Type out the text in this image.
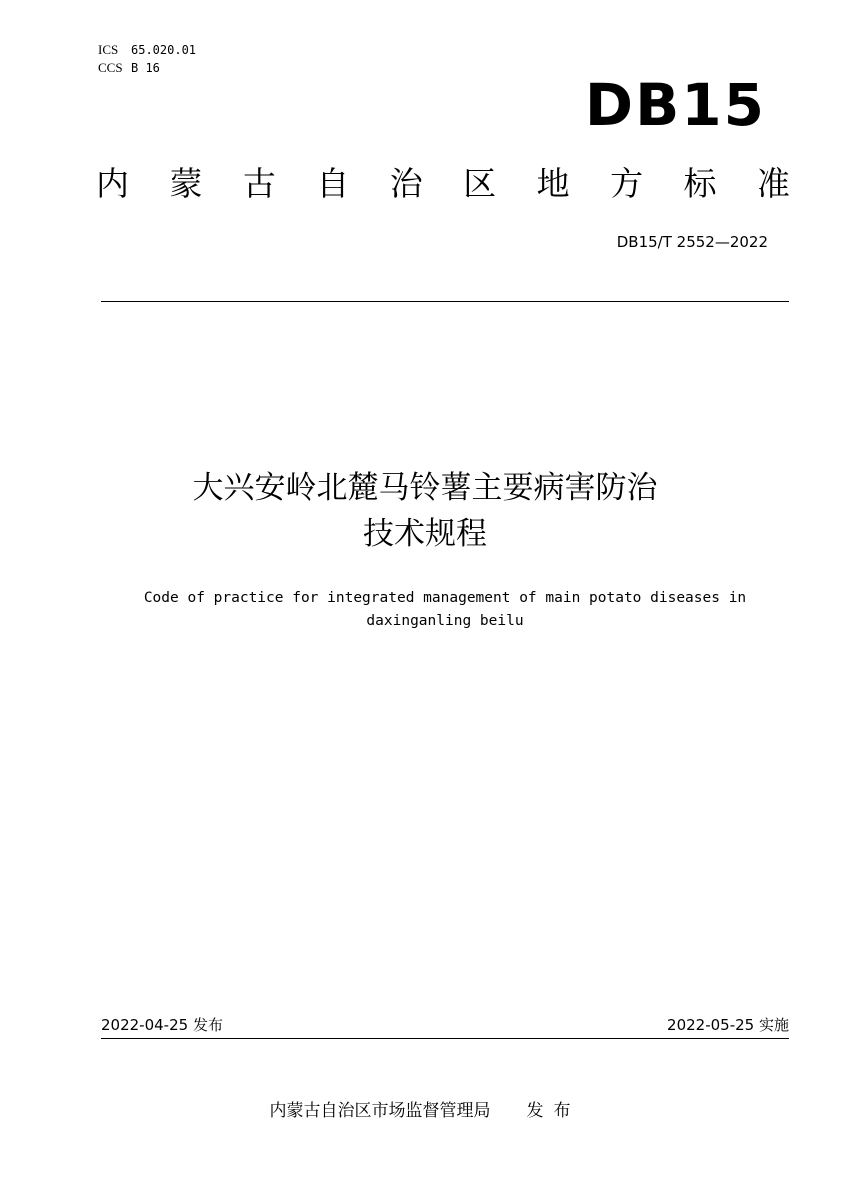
ICS 65.020.01
CCS B 16
DB15
内 蒙 古 自 治 区 地 方 标 准
DB15/T 2552—2022
大兴安岭北麓马铃薯主要病害防治
技术规程
Code of practice for integrated management of main potato diseases in
daxinganling beilu
2022-04-25 发布	2022-05-25 实施
内蒙古自治区市场监督管理局 发布
